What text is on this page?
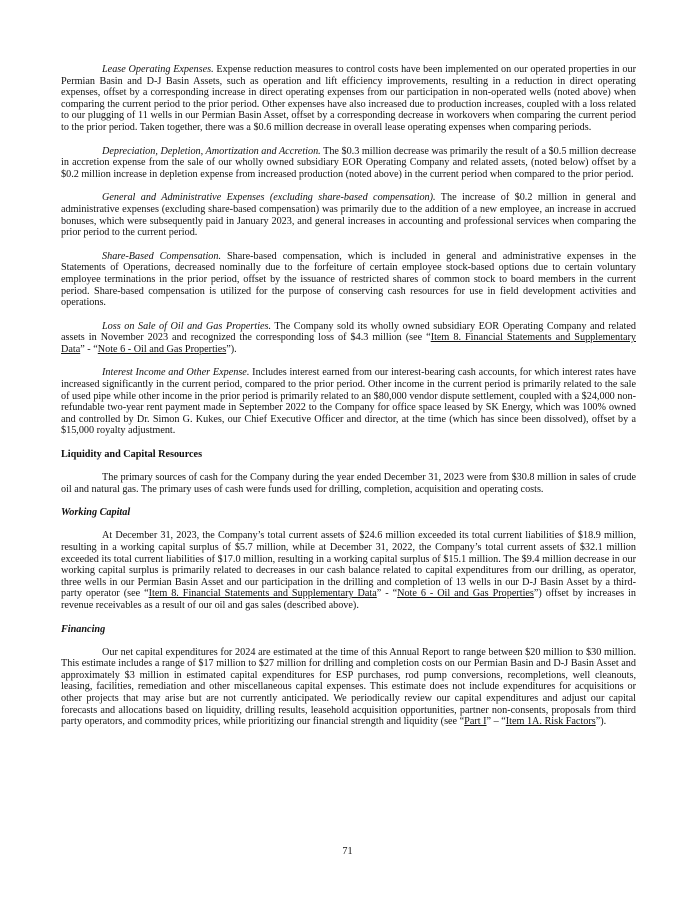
Lease Operating Expenses. Expense reduction measures to control costs have been implemented on our operated properties in our Permian Basin and D-J Basin Assets, such as operation and lift efficiency improvements, resulting in a reduction in direct operating expenses, offset by a corresponding increase in direct operating expenses from our participation in non-operated wells (noted above) when comparing the current period to the prior period. Other expenses have also increased due to production increases, coupled with a loss related to our plugging of 11 wells in our Permian Basin Asset, offset by a corresponding decrease in workovers when comparing the current period to the prior period. Taken together, there was a $0.6 million decrease in overall lease operating expenses when comparing periods.

Depreciation, Depletion, Amortization and Accretion. The $0.3 million decrease was primarily the result of a $0.5 million decrease in accretion expense from the sale of our wholly owned subsidiary EOR Operating Company and related assets, (noted below) offset by a $0.2 million increase in depletion expense from increased production (noted above) in the current period when compared to the prior period.

General and Administrative Expenses (excluding share-based compensation). The increase of $0.2 million in general and administrative expenses (excluding share-based compensation) was primarily due to the addition of a new employee, an increase in accrued bonuses, which were subsequently paid in January 2023, and general increases in accounting and professional services when comparing the prior period to the current period.

Share-Based Compensation. Share-based compensation, which is included in general and administrative expenses in the Statements of Operations, decreased nominally due to the forfeiture of certain employee stock-based options due to certain voluntary employee terminations in the prior period, offset by the issuance of restricted shares of common stock to board members in the current period. Share-based compensation is utilized for the purpose of conserving cash resources for use in field development activities and operations.

Loss on Sale of Oil and Gas Properties. The Company sold its wholly owned subsidiary EOR Operating Company and related assets in November 2023 and recognized the corresponding loss of $4.3 million (see “Item 8. Financial Statements and Supplementary Data” - “Note 6 - Oil and Gas Properties”).

Interest Income and Other Expense. Includes interest earned from our interest-bearing cash accounts, for which interest rates have increased significantly in the current period, compared to the prior period. Other income in the current period is primarily related to the sale of used pipe while other income in the prior period is primarily related to an $80,000 vendor dispute settlement, coupled with a $24,000 non-refundable two-year rent payment made in September 2022 to the Company for office space leased by SK Energy, which was 100% owned and controlled by Dr. Simon G. Kukes, our Chief Executive Officer and director, at the time (which has since been dissolved), offset by a $15,000 royalty adjustment.

Liquidity and Capital Resources

The primary sources of cash for the Company during the year ended December 31, 2023 were from $30.8 million in sales of crude oil and natural gas. The primary uses of cash were funds used for drilling, completion, acquisition and operating costs.

Working Capital

At December 31, 2023, the Company’s total current assets of $24.6 million exceeded its total current liabilities of $18.9 million, resulting in a working capital surplus of $5.7 million, while at December 31, 2022, the Company’s total current assets of $32.1 million exceeded its total current liabilities of $17.0 million, resulting in a working capital surplus of $15.1 million. The $9.4 million decrease in our working capital surplus is primarily related to decreases in our cash balance related to capital expenditures from our drilling, as operator, three wells in our Permian Basin Asset and our participation in the drilling and completion of 13 wells in our D-J Basin Asset by a third-party operator (see “Item 8. Financial Statements and Supplementary Data” - “Note 6 - Oil and Gas Properties”) offset by increases in revenue receivables as a result of our oil and gas sales (described above).

Financing

Our net capital expenditures for 2024 are estimated at the time of this Annual Report to range between $20 million to $30 million. This estimate includes a range of $17 million to $27 million for drilling and completion costs on our Permian Basin and D-J Basin Asset and approximately $3 million in estimated capital expenditures for ESP purchases, rod pump conversions, recompletions, well cleanouts, leasing, facilities, remediation and other miscellaneous capital expenses. This estimate does not include expenditures for acquisitions or other projects that may arise but are not currently anticipated. We periodically review our capital expenditures and adjust our capital forecasts and allocations based on liquidity, drilling results, leasehold acquisition opportunities, partner non-consents, proposals from third party operators, and commodity prices, while prioritizing our financial strength and liquidity (see “Part I” – “Item 1A. Risk Factors”).

71
